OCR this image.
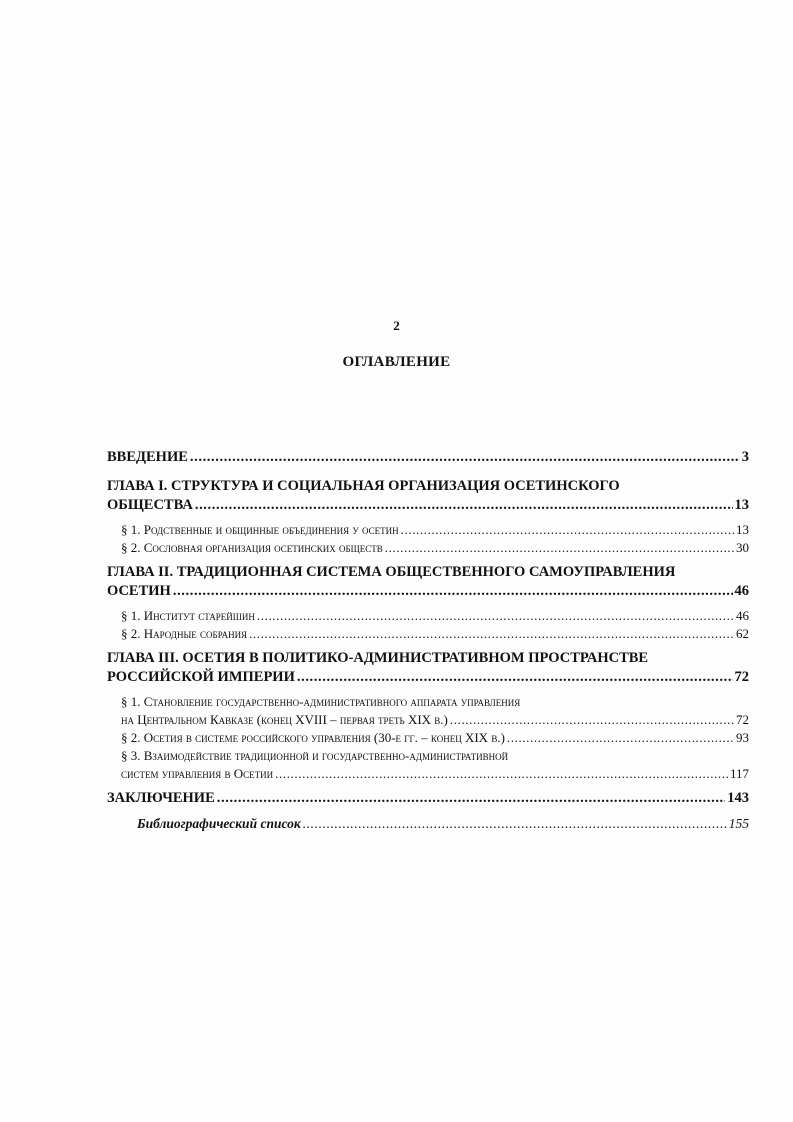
2
ОГЛАВЛЕНИЕ
ВВЕДЕНИЕ .....	3
ГЛАВА I. СТРУКТУРА И СОЦИАЛЬНАЯ ОРГАНИЗАЦИЯ ОСЕТИНСКОГО
ОБЩЕСТВА .....	13
§ 1. Родственные и общинные объединения у осетин .....	13
§ 2. Сословная организация осетинских обществ .....	30
ГЛАВА II. ТРАДИЦИОННАЯ СИСТЕМА ОБЩЕСТВЕННОГО САМОУПРАВЛЕНИЯ
ОСЕТИН .....	46
§ 1. Институт старейшин .....	46
§ 2. Народные собрания .....	62
ГЛАВА III. ОСЕТИЯ В ПОЛИТИКО-АДМИНИСТРАТИВНОМ ПРОСТРАНСТВЕ
РОССИЙСКОЙ ИМПЕРИИ .....	72
§ 1. Становление государственно-административного аппарата управления
на Центральном Кавказе (конец XVIII – первая треть XIX в.) .....	72
§ 2. Осетия в системе российского управления (30-е гг. – конец XIX в.) .....	93
§ 3. Взаимодействие традиционной и государственно-административной
систем управления в Осетии .....	117
ЗАКЛЮЧЕНИЕ .....	143
Библиографический список .....	155
